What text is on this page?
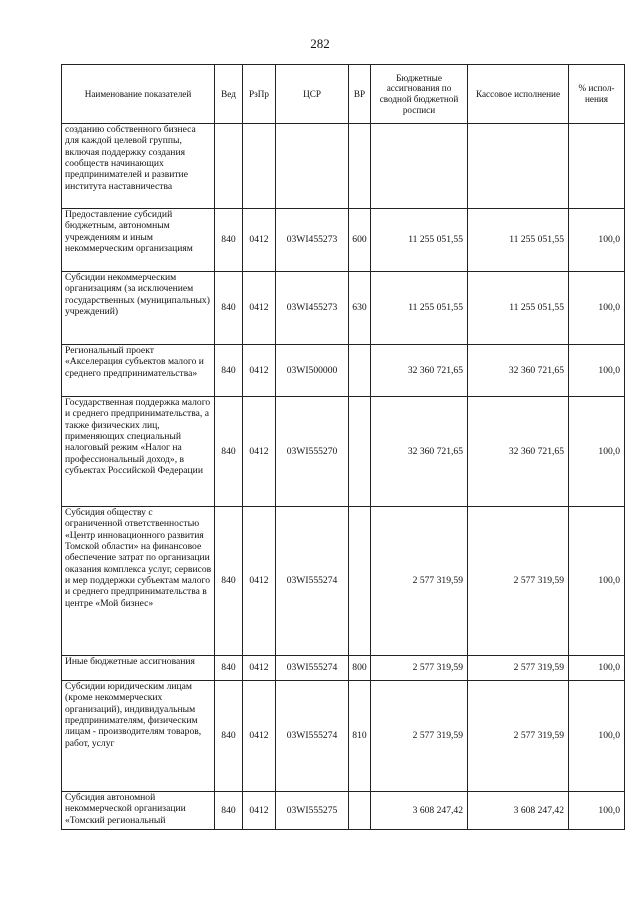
282
Наименование показателей	Вед	РзПр	ЦСР	ВР	Бюджетные ассигнования по сводной бюджетной росписи	Кассовое исполнение	% испол-нения
созданию собственного бизнеса для каждой целевой группы, включая поддержку создания сообществ начинающих предпринимателей и развитие института наставничества							
Предоставление субсидий бюджетным, автономным учреждениям и иным некоммерческим организациям	840	0412	03WI455273	600	11 255 051,55	11 255 051,55	100,0
Субсидии некоммерческим организациям (за исключением государственных (муниципальных) учреждений)	840	0412	03WI455273	630	11 255 051,55	11 255 051,55	100,0
Региональный проект «Акселерация субъектов малого и среднего предпринимательства»	840	0412	03WI500000		32 360 721,65	32 360 721,65	100,0
Государственная поддержка малого и среднего предпринимательства, а также физических лиц, применяющих специальный налоговый режим «Налог на профессиональный доход», в субъектах Российской Федерации	840	0412	03WI555270		32 360 721,65	32 360 721,65	100,0
Субсидия обществу с ограниченной ответственностью «Центр инновационного развития Томской области» на финансовое обеспечение затрат по организации оказания комплекса услуг, сервисов и мер поддержки субъектам малого и среднего предпринимательства в центре «Мой бизнес»	840	0412	03WI555274		2 577 319,59	2 577 319,59	100,0
Иные бюджетные ассигнования	840	0412	03WI555274	800	2 577 319,59	2 577 319,59	100,0
Субсидии юридическим лицам (кроме некоммерческих организаций), индивидуальным предпринимателям, физическим лицам - производителям товаров, работ, услуг	840	0412	03WI555274	810	2 577 319,59	2 577 319,59	100,0
Субсидия автономной некоммерческой организации «Томский региональный	840	0412	03WI555275		3 608 247,42	3 608 247,42	100,0
